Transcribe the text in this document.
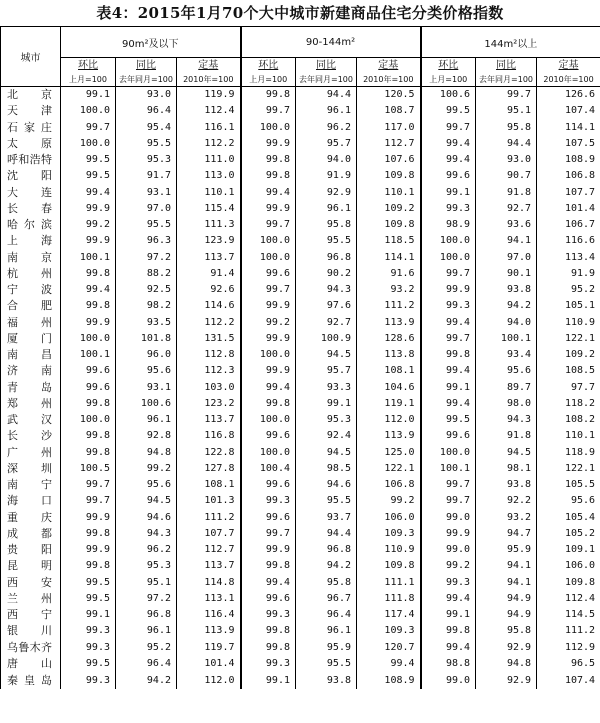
表4：2015年1月70个大中城市新建商品住宅分类价格指数
城市	90m²及以下			90-144m²			144m²以上		
	环比	同比	定基	环比	同比	定基	环比	同比	定基
	上月=100	去年同月=100	2010年=100	上月=100	去年同月=100	2010年=100	上月=100	去年同月=100	2010年=100
北京	99.1	93.0	119.9	99.8	94.4	120.5	100.6	99.7	126.6
天津	100.0	96.4	112.4	99.7	96.1	108.7	99.5	95.1	107.4
石家庄	99.7	95.4	116.1	100.0	96.2	117.0	99.7	95.8	114.1
太原	100.0	95.5	112.2	99.9	95.7	112.7	99.4	94.4	107.5
呼和浩特	99.5	95.3	111.0	99.8	94.0	107.6	99.4	93.0	108.9
沈阳	99.5	91.7	113.0	99.8	91.9	109.8	99.6	90.7	106.8
大连	99.4	93.1	110.1	99.4	92.9	110.1	99.1	91.8	107.7
长春	99.9	97.0	115.4	99.9	96.1	109.2	99.3	92.7	101.4
哈尔滨	99.2	95.5	111.3	99.7	95.8	109.8	98.9	93.6	106.7
上海	99.9	96.3	123.9	100.0	95.5	118.5	100.0	94.1	116.6
南京	100.1	97.2	113.7	100.0	96.8	114.1	100.0	97.0	113.4
杭州	99.8	88.2	91.4	99.6	90.2	91.6	99.7	90.1	91.9
宁波	99.4	92.5	92.6	99.7	94.3	93.2	99.9	93.8	95.2
合肥	99.8	98.2	114.6	99.9	97.6	111.2	99.3	94.2	105.1
福州	99.9	93.5	112.2	99.2	92.7	113.9	99.4	94.0	110.9
厦门	100.0	101.8	131.5	99.9	100.9	128.6	99.7	100.1	122.1
南昌	100.1	96.0	112.8	100.0	94.5	113.8	99.8	93.4	109.2
济南	99.6	95.6	112.3	99.9	95.7	108.1	99.4	95.6	108.5
青岛	99.6	93.1	103.0	99.4	93.3	104.6	99.1	89.7	97.7
郑州	99.8	100.6	123.2	99.8	99.1	119.1	99.4	98.0	118.2
武汉	100.0	96.1	113.7	100.0	95.3	112.0	99.5	94.3	108.2
长沙	99.8	92.8	116.8	99.6	92.4	113.9	99.6	91.8	110.1
广州	99.8	94.8	122.8	100.0	94.5	125.0	100.0	94.5	118.9
深圳	100.5	99.2	127.8	100.4	98.5	122.1	100.1	98.1	122.1
南宁	99.7	95.6	108.1	99.6	94.6	106.8	99.7	93.8	105.5
海口	99.7	94.5	101.3	99.3	95.5	99.2	99.7	92.2	95.6
重庆	99.9	94.6	111.2	99.6	93.7	106.0	99.0	93.2	105.4
成都	99.8	94.3	107.7	99.7	94.4	109.3	99.9	94.7	105.2
贵阳	99.9	96.2	112.7	99.9	96.8	110.9	99.0	95.9	109.1
昆明	99.8	95.3	113.7	99.8	94.2	109.8	99.2	94.1	106.0
西安	99.5	95.1	114.8	99.4	95.8	111.1	99.3	94.1	109.8
兰州	99.5	97.2	113.1	99.6	96.7	111.8	99.4	94.9	112.4
西宁	99.1	96.8	116.4	99.3	96.4	117.4	99.1	94.9	114.5
银川	99.3	96.1	113.9	99.8	96.1	109.3	99.8	95.8	111.2
乌鲁木齐	99.3	95.2	119.7	99.8	95.9	120.7	99.4	92.9	112.9
唐山	99.5	96.4	101.4	99.3	95.5	99.4	98.8	94.8	96.5
秦皇岛	99.3	94.2	112.0	99.1	93.8	108.9	99.0	92.9	107.4
